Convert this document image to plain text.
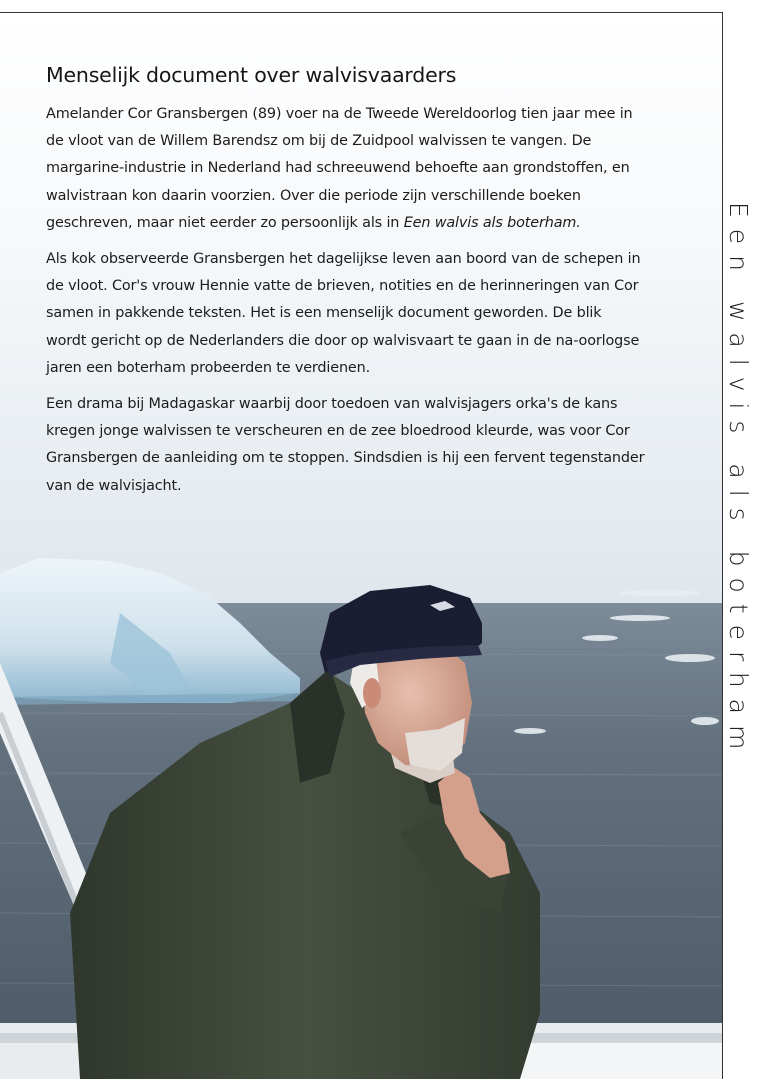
Menselijk document over walvisvaarders

Amelander Cor Gransbergen (89) voer na de Tweede Wereldoorlog tien jaar mee in de vloot van de Willem Barendsz om bij de Zuidpool walvissen te vangen. De margarine-industrie in Nederland had schreeuwend behoefte aan grondstoffen, en walvistraan kon daarin voorzien. Over die periode zijn verschillende boeken geschreven, maar niet eerder zo persoonlijk als in Een walvis als boterham.

Als kok observeerde Gransbergen het dagelijkse leven aan boord van de schepen in de vloot. Cor's vrouw Hennie vatte de brieven, notities en de herinneringen van Cor samen in pakkende teksten. Het is een menselijk document geworden. De blik wordt gericht op de Nederlanders die door op walvisvaart te gaan in de na-oorlogse jaren een boterham probeerden te verdienen.

Een drama bij Madagaskar waarbij door toedoen van walvisjagers orka's de kans kregen jonge walvissen te verscheuren en de zee bloedrood kleurde, was voor Cor Gransbergen de aanleiding om te stoppen. Sindsdien is hij een fervent tegenstander van de walvisjacht.	Een walvis als boterham
